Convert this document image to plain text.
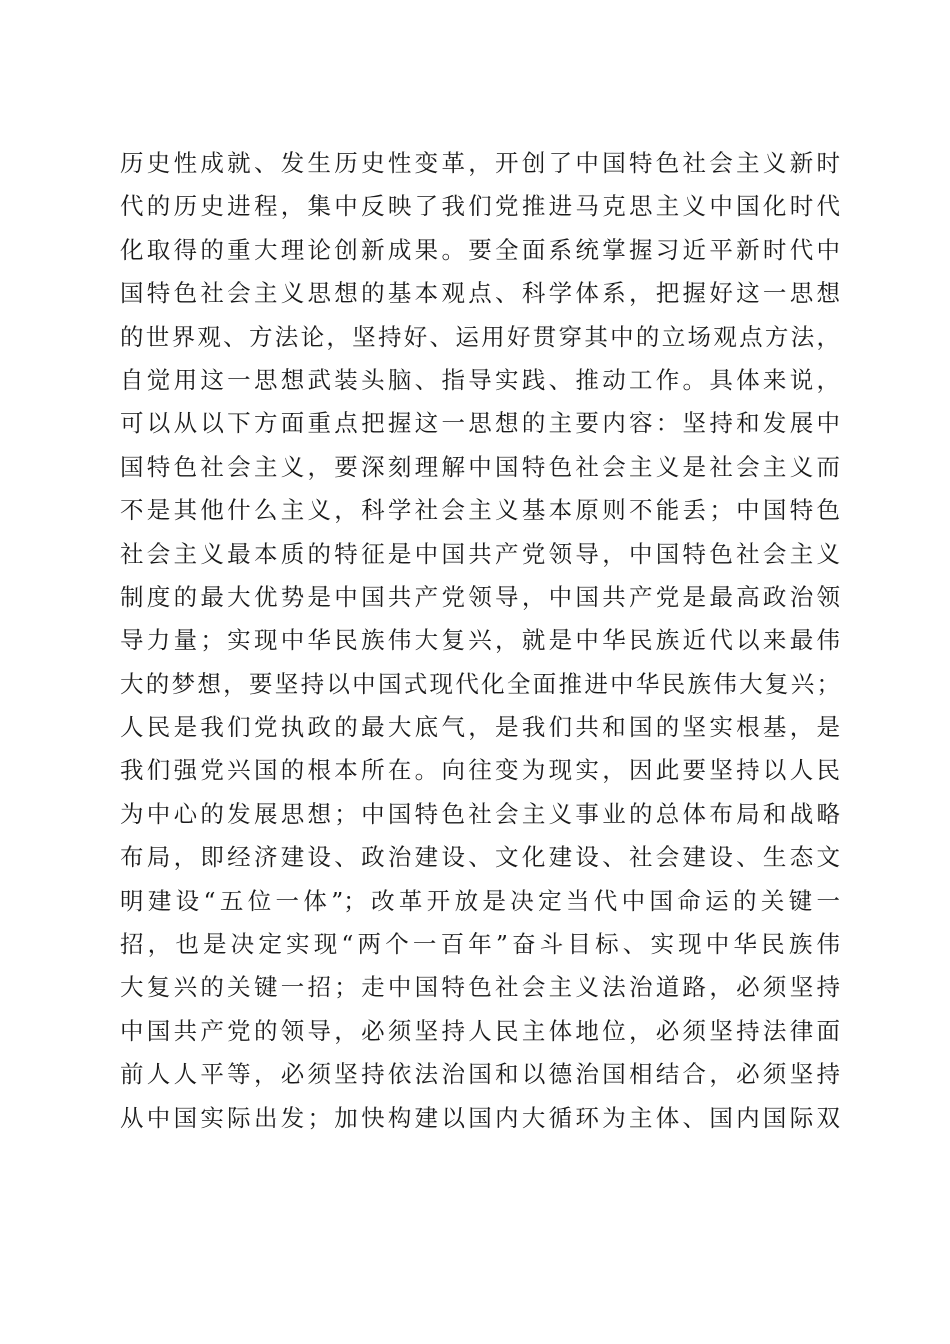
历史性成就、发生历史性变革，开创了中国特色社会主义新时
代的历史进程，集中反映了我们党推进马克思主义中国化时代
化取得的重大理论创新成果。要全面系统掌握习近平新时代中
国特色社会主义思想的基本观点、科学体系，把握好这一思想
的世界观、方法论，坚持好、运用好贯穿其中的立场观点方法，
自觉用这一思想武装头脑、指导实践、推动工作。具体来说，
可以从以下方面重点把握这一思想的主要内容：坚持和发展中
国特色社会主义，要深刻理解中国特色社会主义是社会主义而
不是其他什么主义，科学社会主义基本原则不能丢；中国特色
社会主义最本质的特征是中国共产党领导，中国特色社会主义
制度的最大优势是中国共产党领导，中国共产党是最高政治领
导力量；实现中华民族伟大复兴，就是中华民族近代以来最伟
大的梦想，要坚持以中国式现代化全面推进中华民族伟大复兴；
人民是我们党执政的最大底气，是我们共和国的坚实根基，是
我们强党兴国的根本所在。向往变为现实，因此要坚持以人民
为中心的发展思想；中国特色社会主义事业的总体布局和战略
布局，即经济建设、政治建设、文化建设、社会建设、生态文
明建设“五位一体”；改革开放是决定当代中国命运的关键一
招，也是决定实现“两个一百年”奋斗目标、实现中华民族伟
大复兴的关键一招；走中国特色社会主义法治道路，必须坚持
中国共产党的领导，必须坚持人民主体地位，必须坚持法律面
前人人平等，必须坚持依法治国和以德治国相结合，必须坚持
从中国实际出发；加快构建以国内大循环为主体、国内国际双
